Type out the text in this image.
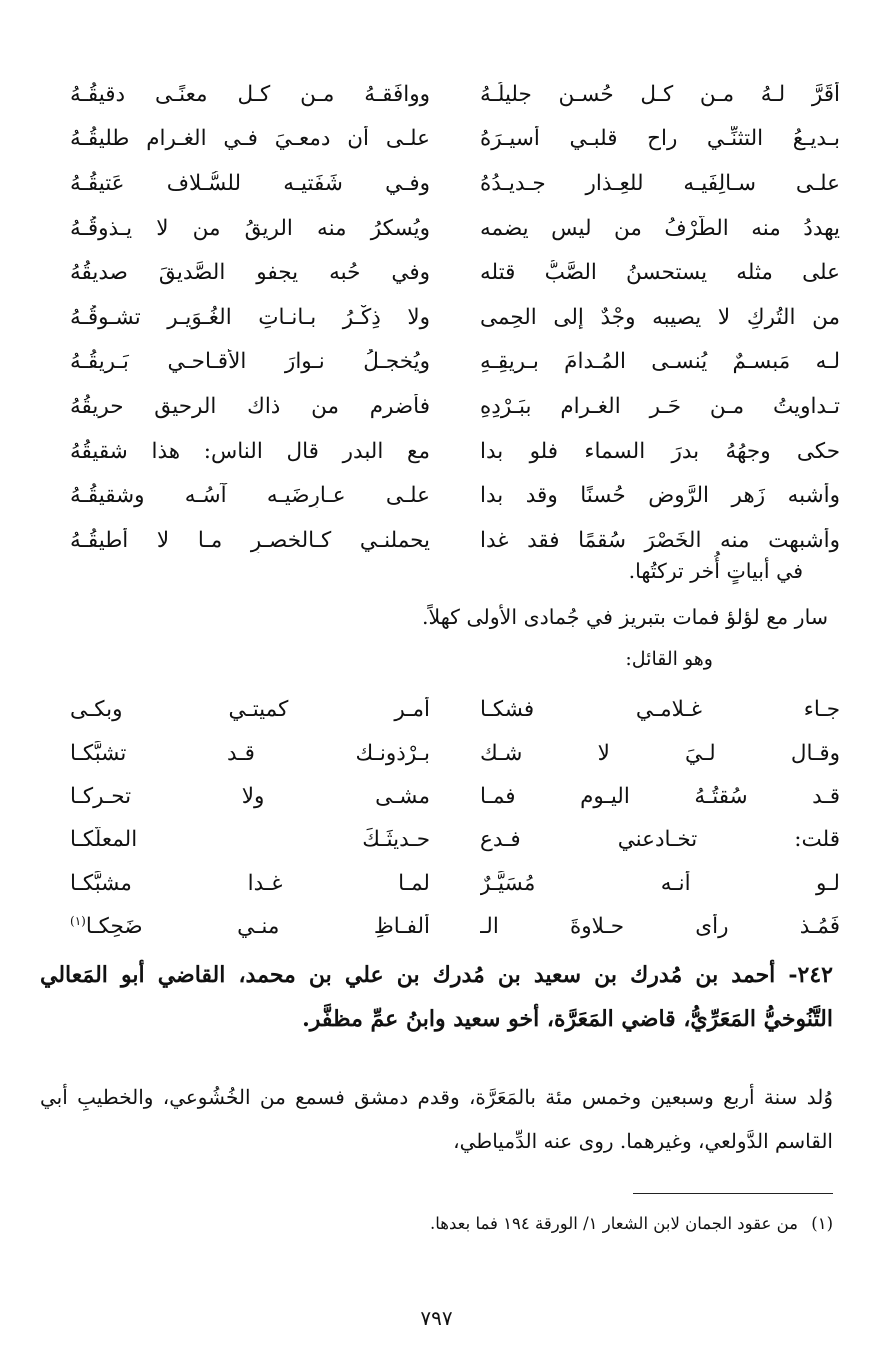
أَقَرَّ لـهُ مـن كـل حُسـنٍ جليلُـهُ
ووافَقـهُ مـن كـل معنًـى دقيقُـهُ
بـديـعُ التثنِّـي راح قلبـي أسيـرَهُ
علـى أن دمعـيَ فـي الغـرام طليقُـهُ
علـى سـالِفَيـه للعِـذار جـديـدُهُ
وفـي شَفَتيـه للسُّـلاف عَتيقُـهُ
يهددُ منه الطَّرْفُ من ليس يضمه
ويُسكرُ منه الريقُ من لا يـذوقُـهُ
على مثله يستحسنُ الصَّبُّ قتله
وفي حُبه يجفو الصَّديقَ صديقُهُ
من التُركِ لا يصيبه وجْدٌ إلى الحِمى
ولا ذِكْـرُ بـانـاتِ الغُـوَيـر تشـوقُـهُ
لـه مَبسـمٌ يُنسـى المُـدامَ بـريقِـهِ
ويُخجـلُ نـوارَ الأقـاحـي بَـريقُـهُ
تـداويتُ مـن حَـر الغـرام ببَـرْدِهِ
فأُضرم من ذاك الرحيق حريقُهُ
حكى وجهُهُ بدرَ السماء فلو بدا
مع البدر قال الناس: هذا شقيقُهُ
وأشبه زَهر الرَّوض حُسنًا وقد بدا
علـى عـارِضَيـه آسُـه وشقيقُـهُ
وأشبهت منه الخَصْرَ سُقمًا فقد غدا
يحملنـي كـالخصـرِ مـا لا أُطيقُـهُ
في أبياتٍ أُخر تركتُها.
سار مع لؤلؤ فمات بتبريز في جُمادى الأولى كهلاً.
وهو القائل:
جـاء غـلامـي فشكـا
أمـر كميتـي وبكـى
وقـال لـيَ لا شـك
بـرْذونـك قـد تشبَّكـا
قـد سُقتُـهُ اليـوم فمـا
مشـى ولا تحـركـا
قلت: تخـادعني فـدع
حـديثَـكَ المعلَّكـا
لـو أنـه مُسَيَّـرٌ
لمـا غـدا مشبَّكـا
فَمُـذ رأى حـلاوةَ الـ
ألفـاظِ منـي ضَحِكـا$^{(١)}$
٢٤٢- أحمد بن مُدرك بن سعيد بن مُدرك بن علي بن محمد، القاضي أبو المَعالي التَّنُوخيُّ المَعَرِّيُّ، قاضي المَعَرَّة، أخو سعيد وابنُ عمِّ مظفَّر.
وُلد سنة أربع وسبعين وخمس مئة بالمَعَرَّة، وقدم دمشق فسمع من الخُشُوعي، والخطيبِ أبي القاسم الدَّولعي، وغيرهما. روى عنه الدِّمياطي،
(١) من عقود الجمان لابن الشعار ١/ الورقة ١٩٤ فما بعدها.
٧٩٧
